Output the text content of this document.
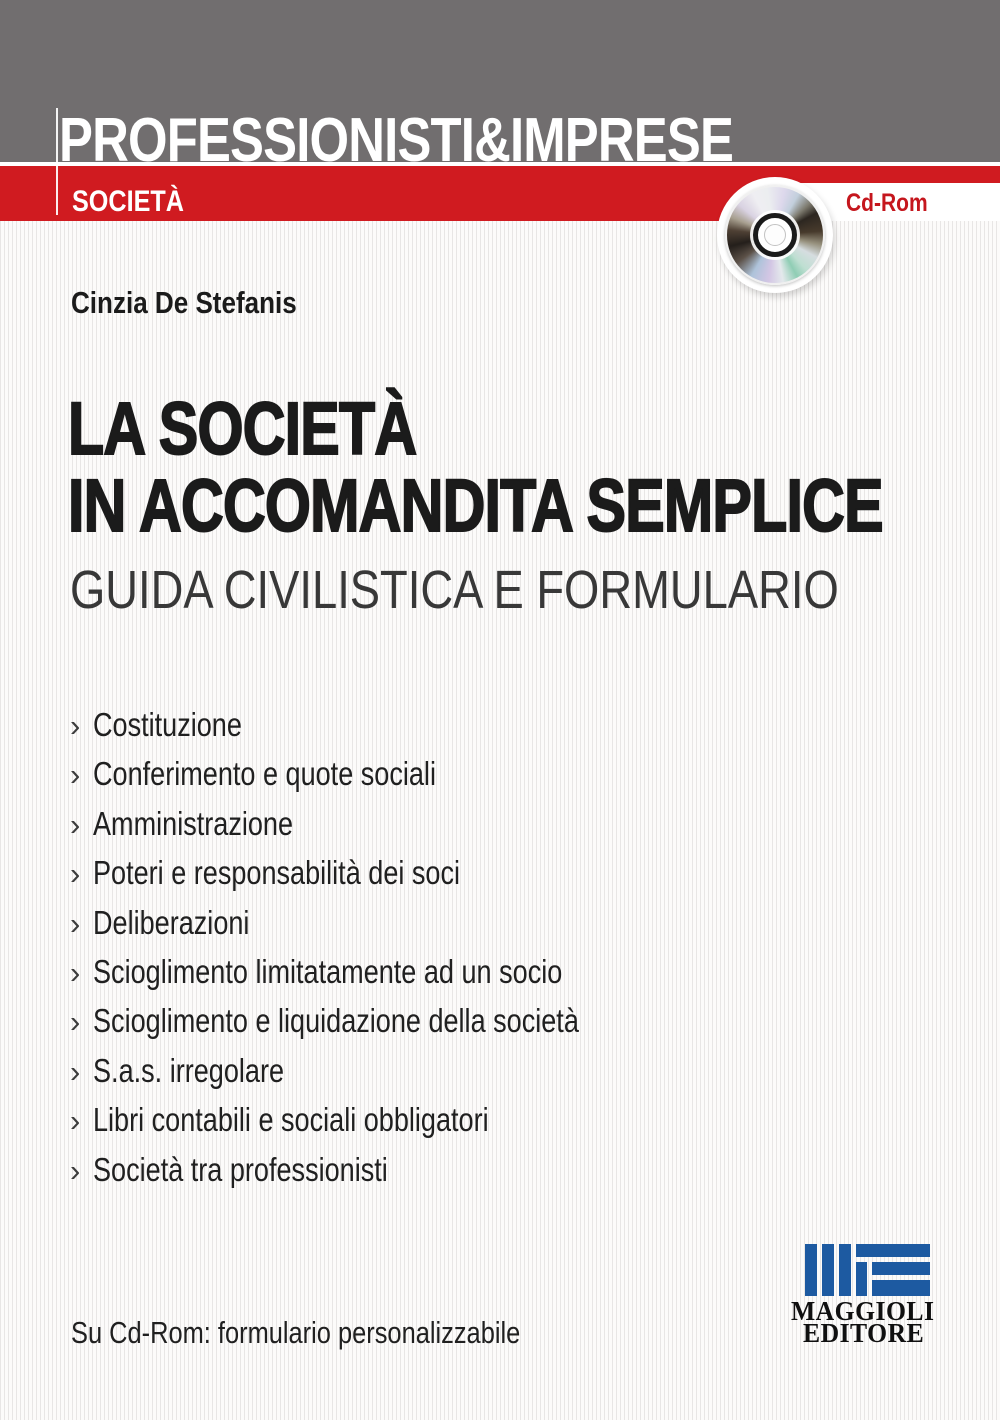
PROFESSIONISTI&IMPRESE
SOCIETÀ	Cd-Rom
Cinzia De Stefanis
LA SOCIETÀ
IN ACCOMANDITA SEMPLICE
GUIDA CIVILISTICA E FORMULARIO
› Costituzione
› Conferimento e quote sociali
› Amministrazione
› Poteri e responsabilità dei soci
› Deliberazioni
› Scioglimento limitatamente ad un socio
› Scioglimento e liquidazione della società
› S.a.s. irregolare
› Libri contabili e sociali obbligatori
› Società tra professionisti
Su Cd-Rom: formulario personalizzabile
MAGGIOLI
EDITORE
